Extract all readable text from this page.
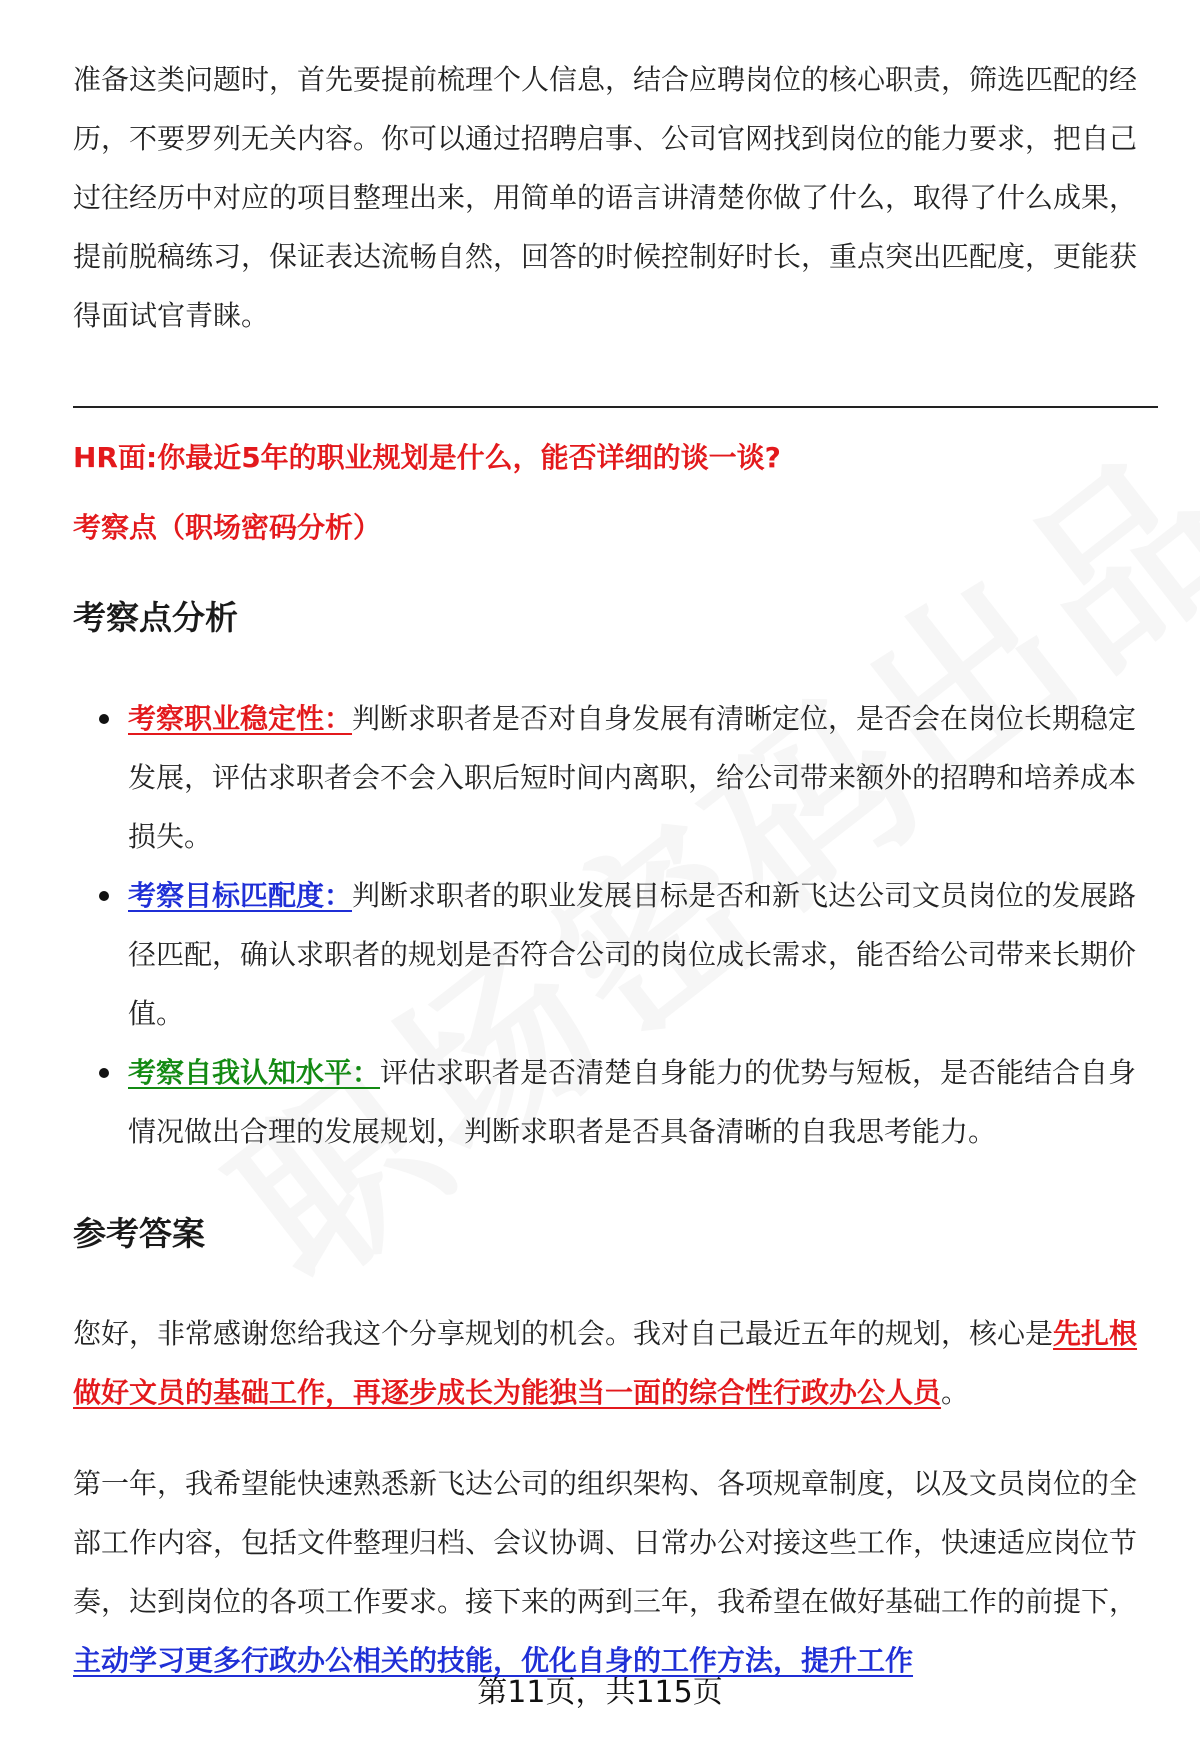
准备这类问题时，首先要提前梳理个人信息，结合应聘岗位的核心职责，筛选匹配的经历，不要罗列无关内容。你可以通过招聘启事、公司官网找到岗位的能力要求，把自己过往经历中对应的项目整理出来，用简单的语言讲清楚你做了什么，取得了什么成果，提前脱稿练习，保证表达流畅自然，回答的时候控制好时长，重点突出匹配度，更能获得面试官青睐。

HR面:你最近5年的职业规划是什么，能否详细的谈一谈?

考察点（职场密码分析）

考察点分析
考察职业稳定性：判断求职者是否对自身发展有清晰定位，是否会在岗位长期稳定发展，评估求职者会不会入职后短时间内离职，给公司带来额外的招聘和培养成本损失。
考察目标匹配度：判断求职者的职业发展目标是否和新飞达公司文员岗位的发展路径匹配，确认求职者的规划是否符合公司的岗位成长需求，能否给公司带来长期价值。
考察自我认知水平：评估求职者是否清楚自身能力的优势与短板，是否能结合自身情况做出合理的发展规划，判断求职者是否具备清晰的自我思考能力。
参考答案

您好，非常感谢您给我这个分享规划的机会。我对自己最近五年的规划，核心是先扎根做好文员的基础工作，再逐步成长为能独当一面的综合性行政办公人员。

第一年，我希望能快速熟悉新飞达公司的组织架构、各项规章制度，以及文员岗位的全部工作内容，包括文件整理归档、会议协调、日常办公对接这些工作，快速适应岗位节奏，达到岗位的各项工作要求。接下来的两到三年，我希望在做好基础工作的前提下，主动学习更多行政办公相关的技能，优化自身的工作方法，提升工作

第11页，共115页
